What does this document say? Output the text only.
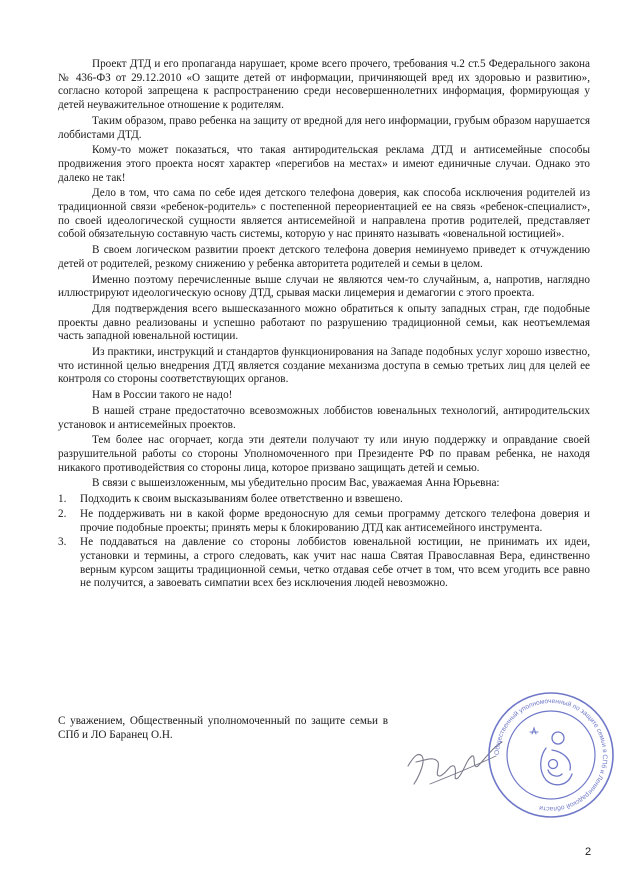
Проект ДТД и его пропаганда нарушает, кроме всего прочего, требования ч.2 ст.5 Федерального закона № 436-ФЗ от 29.12.2010 «О защите детей от информации, причиняющей вред их здоровью и развитию», согласно которой запрещена к распространению среди несовершеннолетних информация, формирующая у детей неуважительное отношение к родителям.

Таким образом, право ребенка на защиту от вредной для него информации, грубым образом нарушается лоббистами ДТД.

Кому-то может показаться, что такая антиродительская реклама ДТД и антисемейные способы продвижения этого проекта носят характер «перегибов на местах» и имеют единичные случаи. Однако это далеко не так!

Дело в том, что сама по себе идея детского телефона доверия, как способа исключения родителей из традиционной связи «ребенок-родитель» с постепенной переориентацией ее на связь «ребенок-специалист», по своей идеологической сущности является антисемейной и направлена против родителей, представляет собой обязательную составную часть системы, которую у нас принято называть «ювенальной юстицией».

В своем логическом развитии проект детского телефона доверия неминуемо приведет к отчуждению детей от родителей, резкому снижению у ребенка авторитета родителей и семьи в целом.

Именно поэтому перечисленные выше случаи не являются чем-то случайным, а, напротив, наглядно иллюстрируют идеологическую основу ДТД, срывая маски лицемерия и демагогии с этого проекта.

Для подтверждения всего вышесказанного можно обратиться к опыту западных стран, где подобные проекты давно реализованы и успешно работают по разрушению традиционной семьи, как неотъемлемая часть западной ювенальной юстиции.

Из практики, инструкций и стандартов функционирования на Западе подобных услуг хорошо известно, что истинной целью внедрения ДТД является создание механизма доступа в семью третьих лиц для целей ее контроля со стороны соответствующих органов.

Нам в России такого не надо!

В нашей стране предостаточно всевозможных лоббистов ювенальных технологий, антиродительских установок и антисемейных проектов.

Тем более нас огорчает, когда эти деятели получают ту или иную поддержку и оправдание своей разрушительной работы со стороны Уполномоченного при Президенте РФ по правам ребенка, не находя никакого противодействия со стороны лица, которое призвано защищать детей и семью.

В связи с вышеизложенным, мы убедительно просим Вас, уважаемая Анна Юрьевна:

1. Подходить к своим высказываниям более ответственно и взвешено.
2. Не поддерживать ни в какой форме вредоносную для семьи программу детского телефона доверия и прочие подобные проекты; принять меры к блокированию ДТД как антисемейного инструмента.
3. Не поддаваться на давление со стороны лоббистов ювенальной юстиции, не принимать их идеи, установки и термины, а строго следовать, как учит нас наша Святая Православная Вера, единственно верным курсом защиты традиционной семьи, четко отдавая себе отчет в том, что всем угодить все равно не получится, а завоевать симпатии всех без исключения людей невозможно.
С уважением, Общественный уполномоченный по защите семьи в СПб и ЛО Баранец О.Н.
Общественный уполномоченный по защите семьи в СПб и Ленинградской области
2
